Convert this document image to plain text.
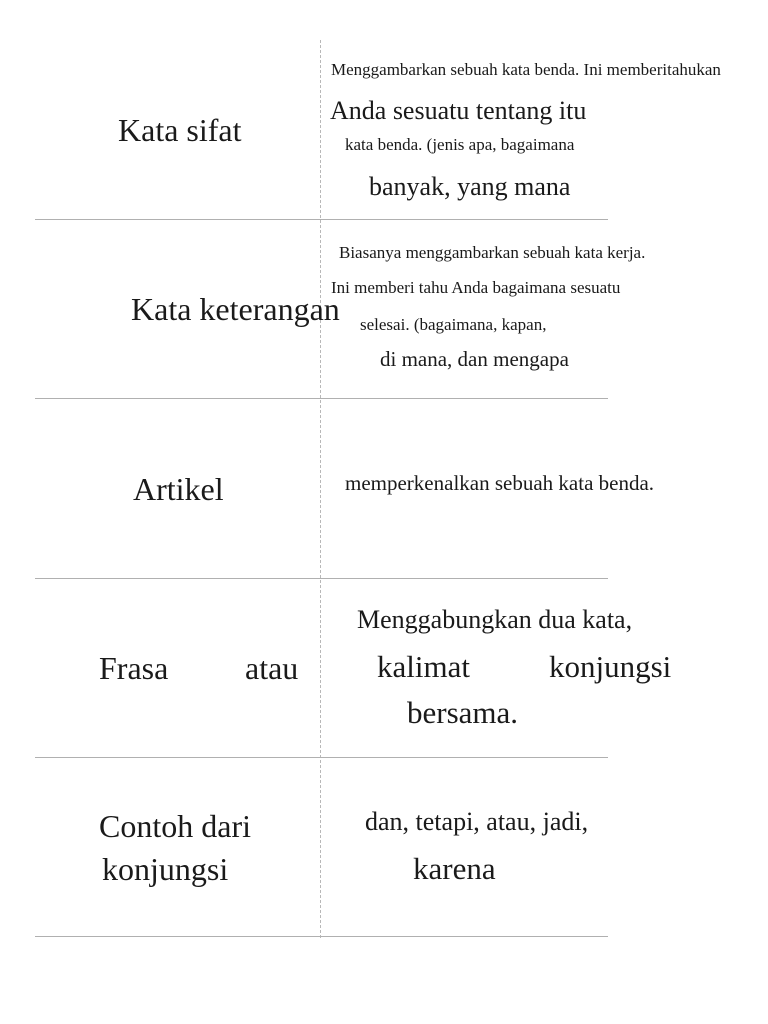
Kata sifat
Menggambarkan sebuah kata benda. Ini memberitahukan
Anda sesuatu tentang itu
kata benda. (jenis apa, bagaimana
banyak, yang mana
Kata keterangan
Biasanya menggambarkan sebuah kata kerja.
Ini memberi tahu Anda bagaimana sesuatu
selesai. (bagaimana, kapan,
di mana, dan mengapa
Artikel	memperkenalkan sebuah kata benda.
Frasa atau
Menggabungkan dua kata,
kalimat	konjungsi
bersama.
Contoh dari
konjungsi
dan, tetapi, atau, jadi,
karena
